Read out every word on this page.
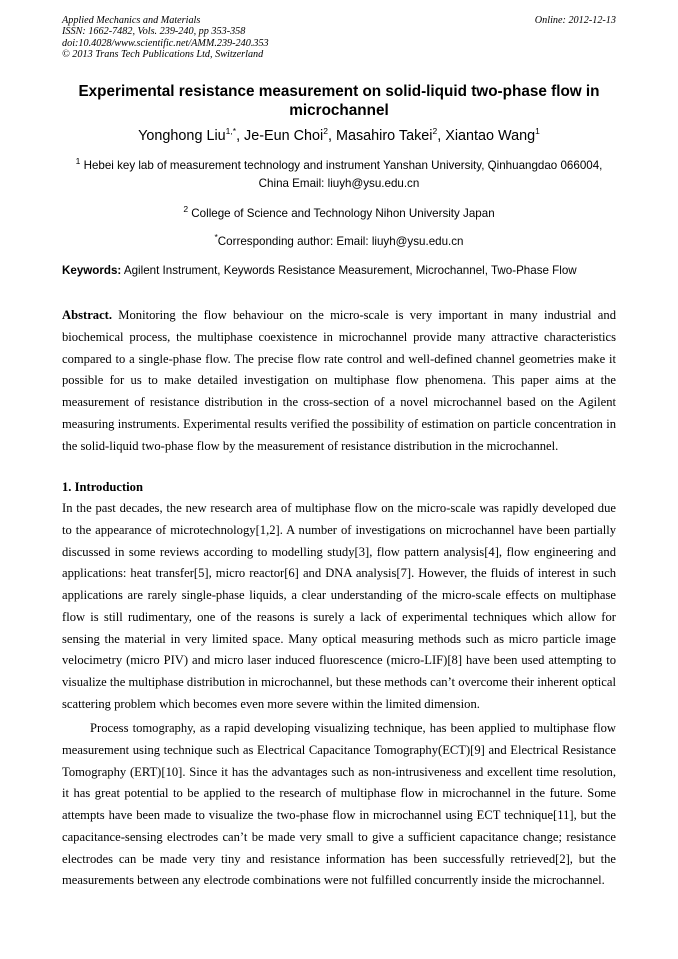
Applied Mechanics and Materials
ISSN: 1662-7482, Vols. 239-240, pp 353-358
doi:10.4028/www.scientific.net/AMM.239-240.353
© 2013 Trans Tech Publications Ltd, Switzerland
Online: 2012-12-13
Experimental resistance measurement on solid-liquid two-phase flow in microchannel
Yonghong Liu$^{1,*}$, Je-Eun Choi$^2$, Masahiro Takei$^2$, Xiantao Wang$^1$
$^1$ Hebei key lab of measurement technology and instrument Yanshan University, Qinhuangdao 066004, China Email: liuyh@ysu.edu.cn
$^2$ College of Science and Technology Nihon University Japan
*Corresponding author: Email: liuyh@ysu.edu.cn
Keywords: Agilent Instrument, Keywords Resistance Measurement, Microchannel, Two-Phase Flow
Abstract. Monitoring the flow behaviour on the micro-scale is very important in many industrial and biochemical process, the multiphase coexistence in microchannel provide many attractive characteristics compared to a single-phase flow. The precise flow rate control and well-defined channel geometries make it possible for us to make detailed investigation on multiphase flow phenomena. This paper aims at the measurement of resistance distribution in the cross-section of a novel microchannel based on the Agilent measuring instruments. Experimental results verified the possibility of estimation on particle concentration in the solid-liquid two-phase flow by the measurement of resistance distribution in the microchannel.
1. Introduction
In the past decades, the new research area of multiphase flow on the micro-scale was rapidly developed due to the appearance of microtechnology[1,2]. A number of investigations on microchannel have been partially discussed in some reviews according to modelling study[3], flow pattern analysis[4], flow engineering and applications: heat transfer[5], micro reactor[6] and DNA analysis[7]. However, the fluids of interest in such applications are rarely single-phase liquids, a clear understanding of the micro-scale effects on multiphase flow is still rudimentary, one of the reasons is surely a lack of experimental techniques which allow for sensing the material in very limited space. Many optical measuring methods such as micro particle image velocimetry (micro PIV) and micro laser induced fluorescence (micro-LIF)[8] have been used attempting to visualize the multiphase distribution in microchannel, but these methods can’t overcome their inherent optical scattering problem which becomes even more severe within the limited dimension.
Process tomography, as a rapid developing visualizing technique, has been applied to multiphase flow measurement using technique such as Electrical Capacitance Tomography(ECT)[9] and Electrical Resistance Tomography (ERT)[10]. Since it has the advantages such as non-intrusiveness and excellent time resolution, it has great potential to be applied to the research of multiphase flow in microchannel in the future. Some attempts have been made to visualize the two-phase flow in microchannel using ECT technique[11], but the capacitance-sensing electrodes can’t be made very small to give a sufficient capacitance change; resistance electrodes can be made very tiny and resistance information has been successfully retrieved[2], but the measurements between any electrode combinations were not fulfilled concurrently inside the microchannel.
